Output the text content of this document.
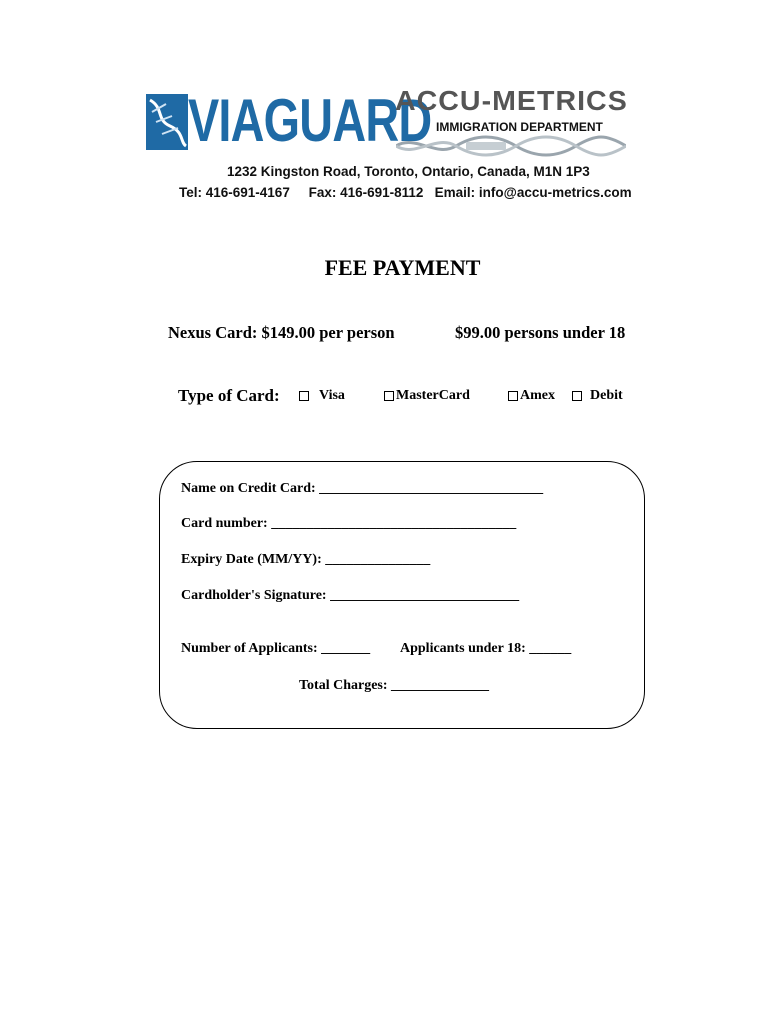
VIAGUARD
ACCU-METRICS
IMMIGRATION DEPARTMENT
1232 Kingston Road, Toronto, Ontario, Canada, M1N 1P3
Tel: 416-691-4167     Fax: 416-691-8112   Email: info@accu-metrics.com
FEE PAYMENT
Nexus Card: $149.00 per person	$99.00 persons under 18
Type of Card:	Visa	MasterCard	Amex	Debit
Name on Credit Card: ________________________________
Card number: ___________________________________
Expiry Date (MM/YY): _______________
Cardholder's Signature: ___________________________
Number of Applicants: _______ Applicants under 18: ______
Total Charges: ______________
